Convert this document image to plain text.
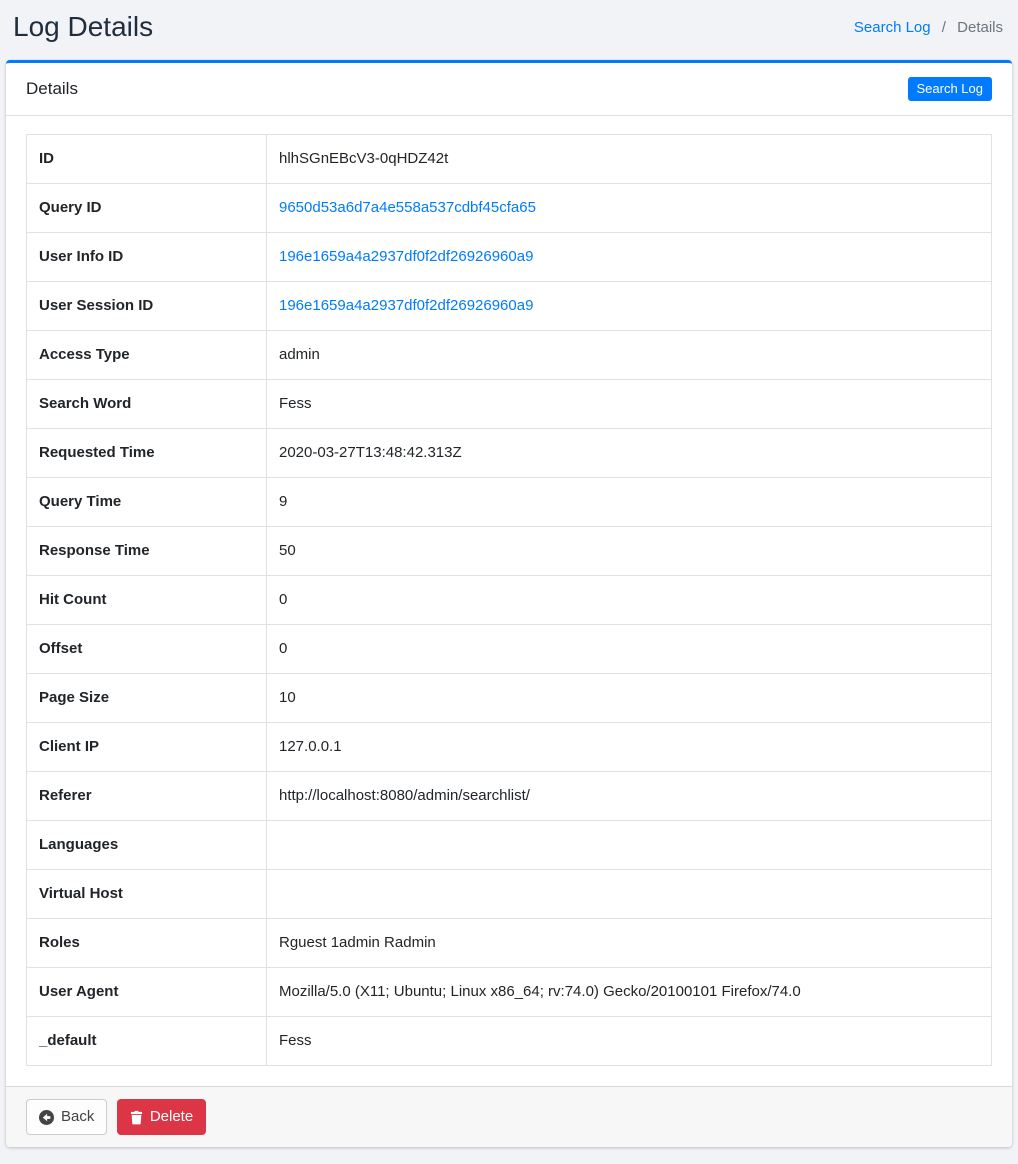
Log Details	Search Log / Details
Details	Search Log
ID	hlhSGnEBcV3-0qHDZ42t
Query ID	9650d53a6d7a4e558a537cdbf45cfa65
User Info ID	196e1659a4a2937df0f2df26926960a9
User Session ID	196e1659a4a2937df0f2df26926960a9
Access Type	admin
Search Word	Fess
Requested Time	2020-03-27T13:48:42.313Z
Query Time	9
Response Time	50
Hit Count	0
Offset	0
Page Size	10
Client IP	127.0.0.1
Referer	http://localhost:8080/admin/searchlist/
Languages	
Virtual Host	
Roles	Rguest 1admin Radmin
User Agent	Mozilla/5.0 (X11; Ubuntu; Linux x86_64; rv:74.0) Gecko/20100101 Firefox/74.0
_default	Fess
Back
	Delete
